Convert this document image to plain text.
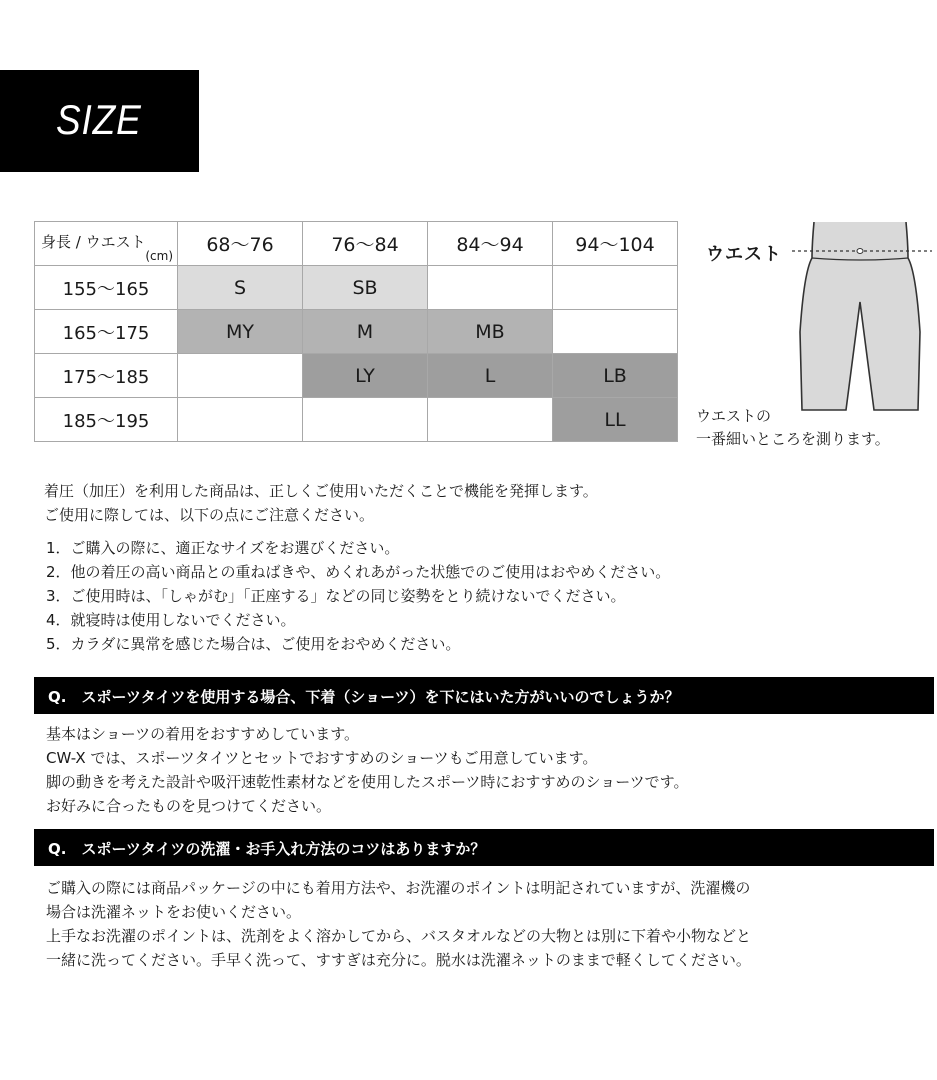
SIZE
身長 / ウエスト
(cm)	68〜76	76〜84	84〜94	94〜104
155〜165	S	SB		
165〜175	MY	M	MB	
175〜185		LY	L	LB
185〜195				LL
ウエスト
ウエストの
一番細いところを測ります。
着圧（加圧）を利用した商品は、正しくご使用いただくことで機能を発揮します。
ご使用に際しては、以下の点にご注意ください。
1．ご購入の際に、適正なサイズをお選びください。
2．他の着圧の高い商品との重ねばきや、めくれあがった状態でのご使用はおやめください。
3．ご使用時は、「しゃがむ」「正座する」などの同じ姿勢をとり続けないでください。
4．就寝時は使用しないでください。
5．カラダに異常を感じた場合は、ご使用をおやめください。
Q.　スポーツタイツを使用する場合、下着（ショーツ）を下にはいた方がいいのでしょうか？
基本はショーツの着用をおすすめしています。
CW-X では、スポーツタイツとセットでおすすめのショーツもご用意しています。
脚の動きを考えた設計や吸汗速乾性素材などを使用したスポーツ時におすすめのショーツです。
お好みに合ったものを見つけてください。
Q.　スポーツタイツの洗濯・お手入れ方法のコツはありますか？
ご購入の際には商品パッケージの中にも着用方法や、お洗濯のポイントは明記されていますが、洗濯機の
場合は洗濯ネットをお使いください。
上手なお洗濯のポイントは、洗剤をよく溶かしてから、バスタオルなどの大物とは別に下着や小物などと
一緒に洗ってください。手早く洗って、すすぎは充分に。脱水は洗濯ネットのままで軽くしてください。
